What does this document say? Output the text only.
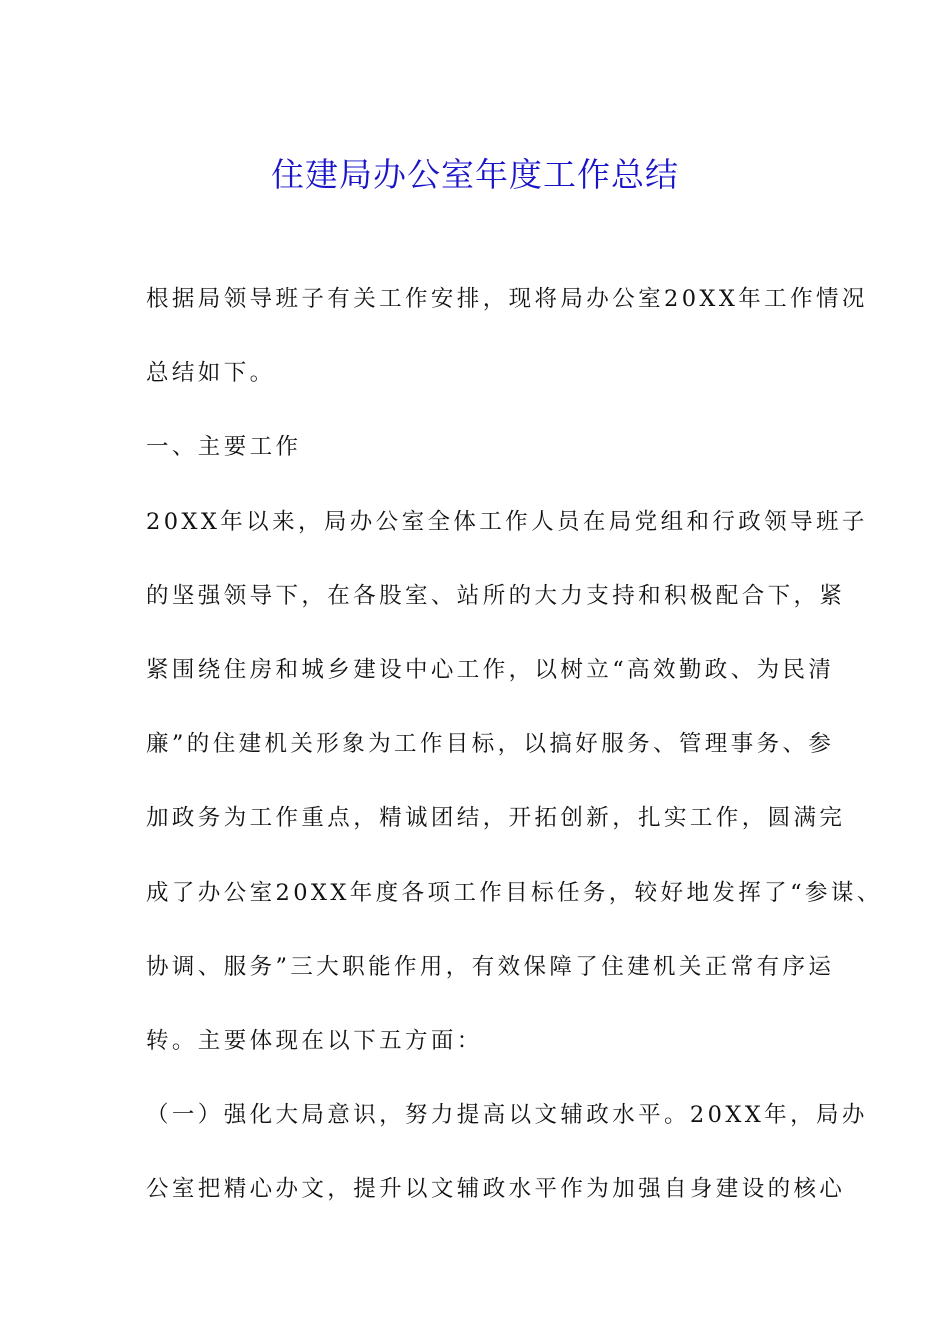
住建局办公室年度工作总结
根据局领导班子有关工作安排，现将局办公室20XX年工作情况
总结如下。
一、主要工作
20XX年以来，局办公室全体工作人员在局党组和行政领导班子
的坚强领导下，在各股室、站所的大力支持和积极配合下，紧
紧围绕住房和城乡建设中心工作，以树立“高效勤政、为民清
廉”的住建机关形象为工作目标，以搞好服务、管理事务、参
加政务为工作重点，精诚团结，开拓创新，扎实工作，圆满完
成了办公室20XX年度各项工作目标任务，较好地发挥了“参谋、
协调、服务”三大职能作用，有效保障了住建机关正常有序运
转。主要体现在以下五方面：
（一）强化大局意识，努力提高以文辅政水平。20XX年，局办
公室把精心办文，提升以文辅政水平作为加强自身建设的核心
